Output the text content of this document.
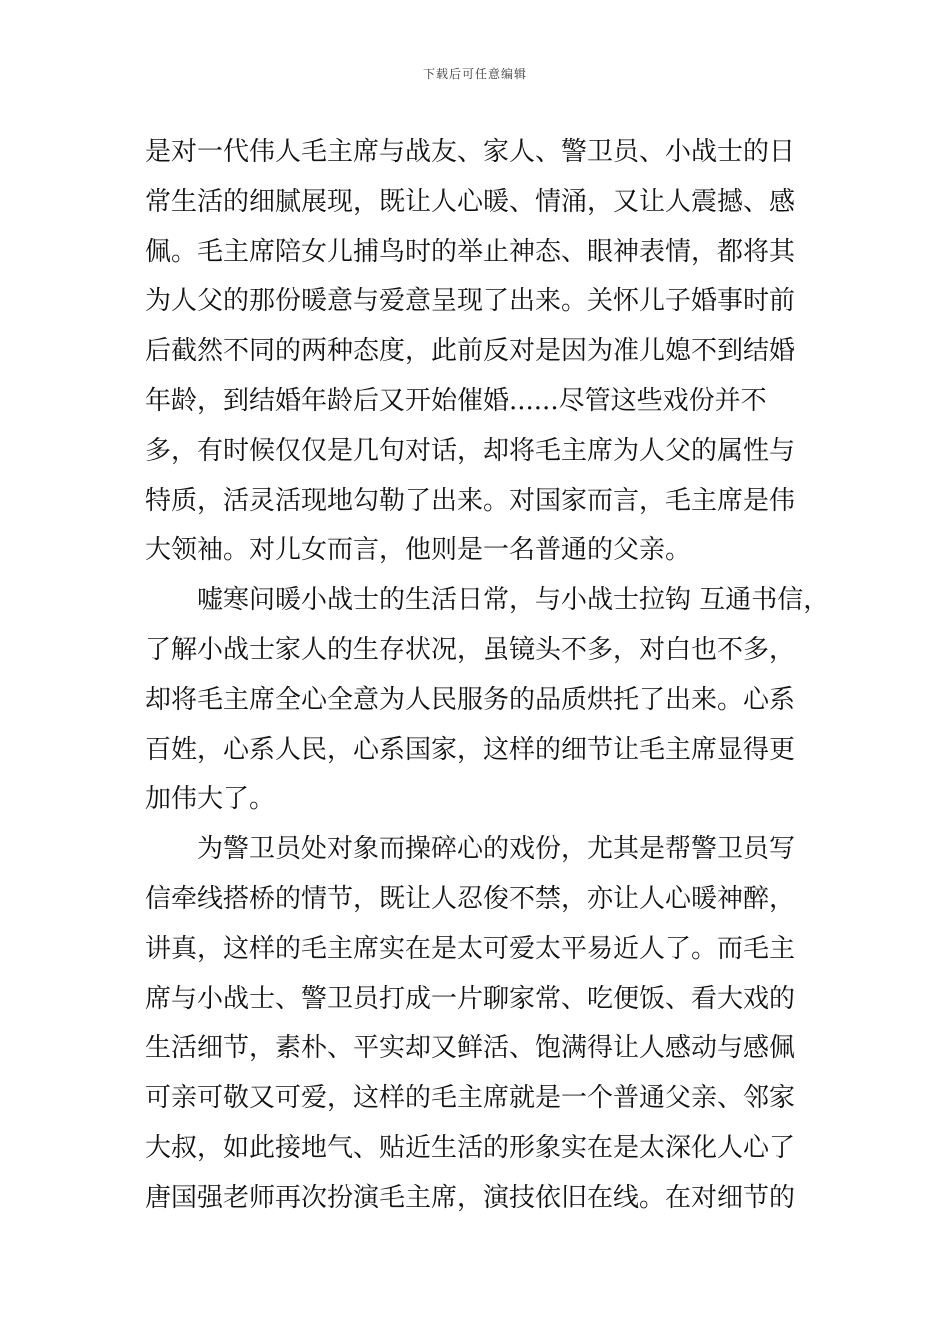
下载后可任意编辑
是对一代伟人毛主席与战友、家人、警卫员、小战士的日
常生活的细腻展现，既让人心暖、情涌，又让人震撼、感
佩。毛主席陪女儿捕鸟时的举止神态、眼神表情，都将其
为人父的那份暖意与爱意呈现了出来。关怀儿子婚事时前
后截然不同的两种态度，此前反对是因为准儿媳不到结婚
年龄，到结婚年龄后又开始催婚......尽管这些戏份并不
多，有时候仅仅是几句对话，却将毛主席为人父的属性与
特质，活灵活现地勾勒了出来。对国家而言，毛主席是伟
大领袖。对儿女而言，他则是一名普通的父亲。
嘘寒问暖小战士的生活日常，与小战士拉钩 互通书信，
了解小战士家人的生存状况，虽镜头不多，对白也不多，
却将毛主席全心全意为人民服务的品质烘托了出来。心系
百姓，心系人民，心系国家，这样的细节让毛主席显得更
加伟大了。
为警卫员处对象而操碎心的戏份，尤其是帮警卫员写
信牵线搭桥的情节，既让人忍俊不禁，亦让人心暖神醉，
讲真，这样的毛主席实在是太可爱太平易近人了。而毛主
席与小战士、警卫员打成一片聊家常、吃便饭、看大戏的
生活细节，素朴、平实却又鲜活、饱满得让人感动与感佩
可亲可敬又可爱，这样的毛主席就是一个普通父亲、邻家
大叔，如此接地气、贴近生活的形象实在是太深化人心了
唐国强老师再次扮演毛主席，演技依旧在线。在对细节的
